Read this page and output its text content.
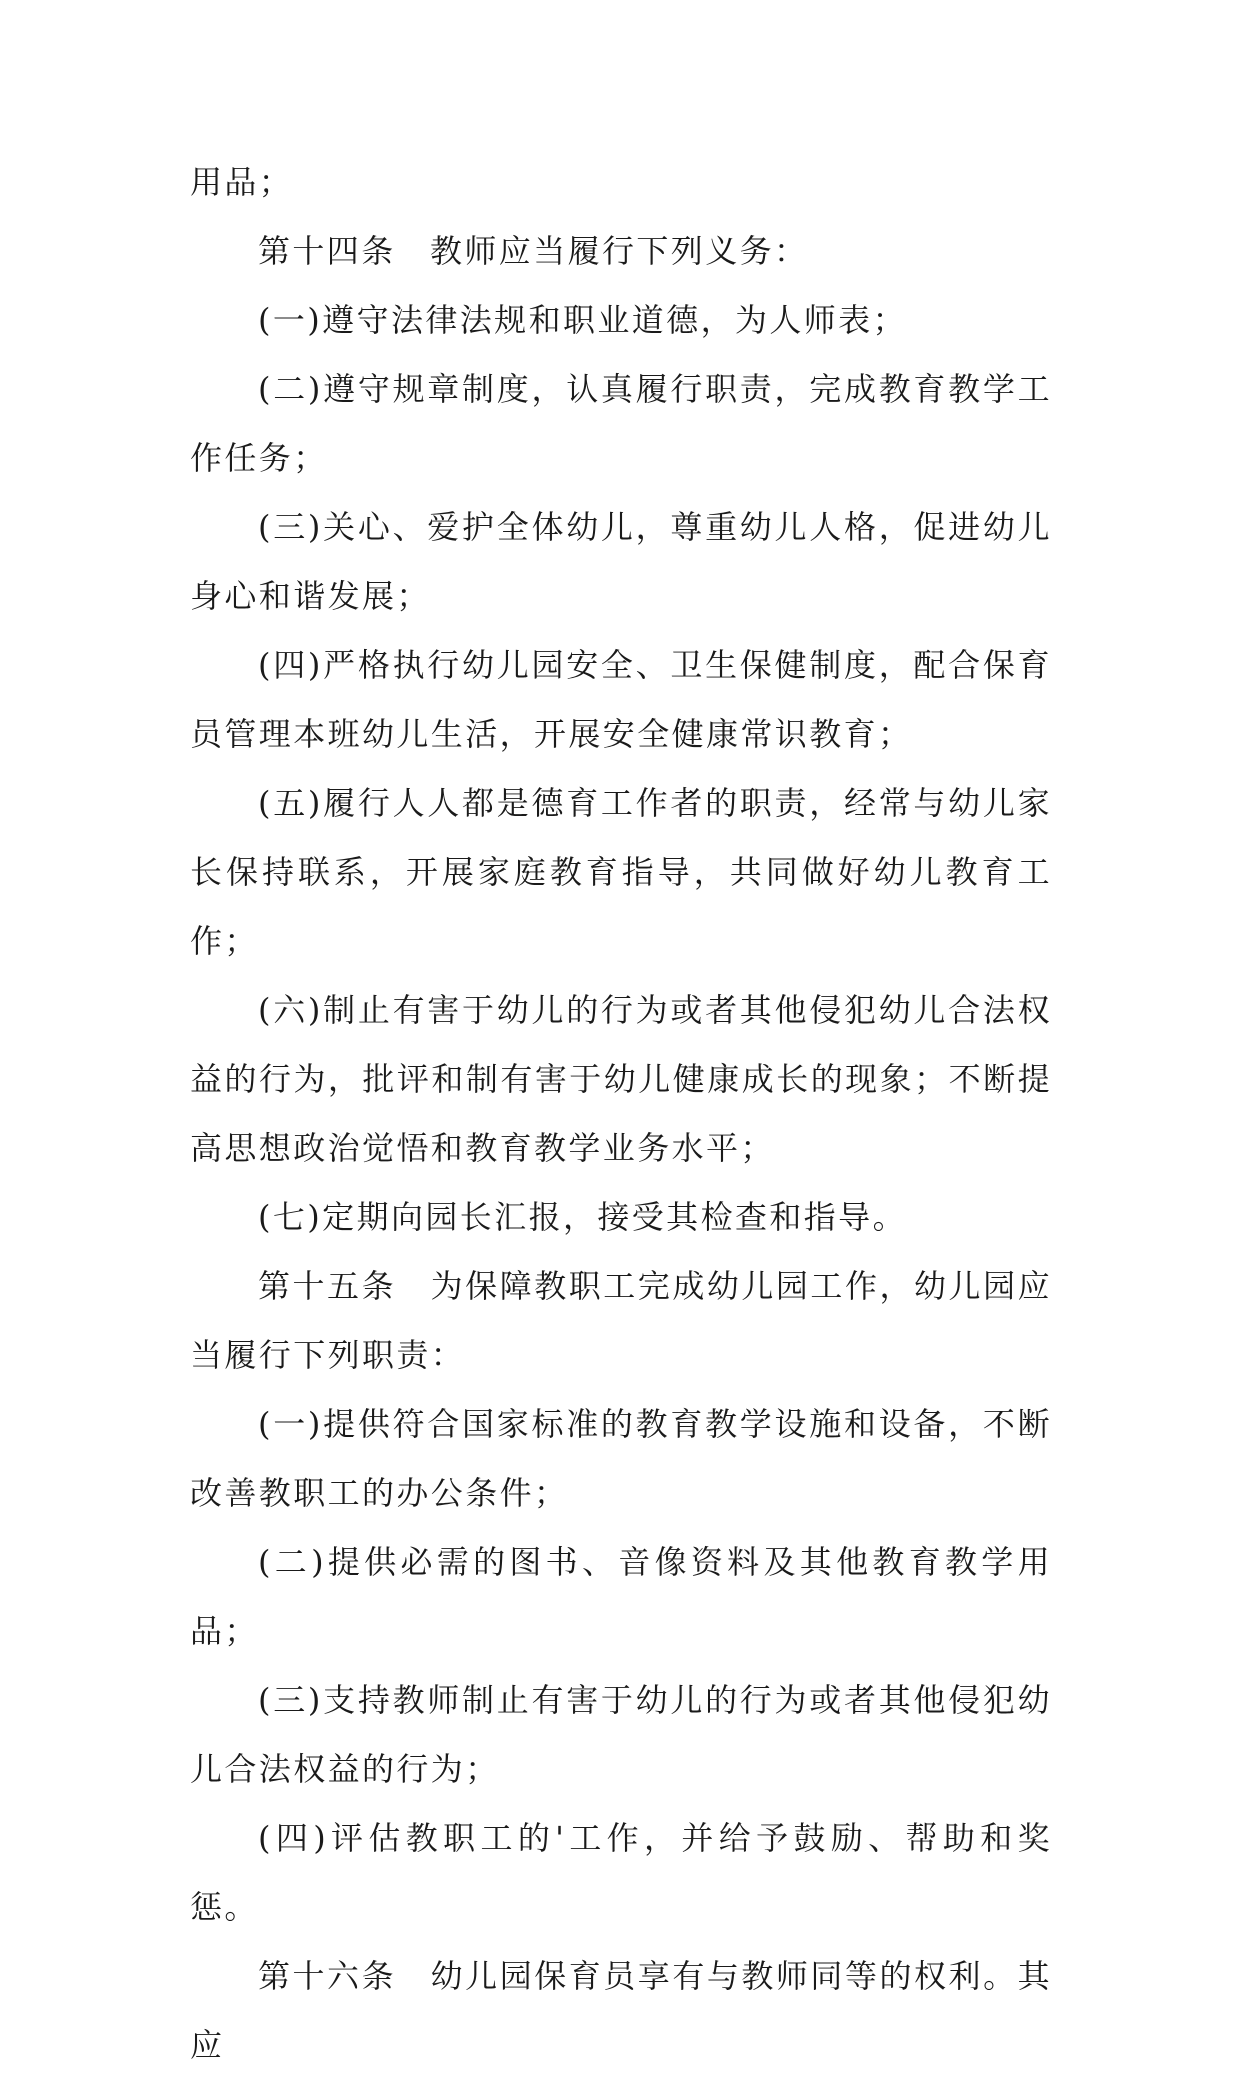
用品；

第十四条　教师应当履行下列义务：

(一)遵守法律法规和职业道德，为人师表；

(二)遵守规章制度，认真履行职责，完成教育教学工作任务；

(三)关心、爱护全体幼儿，尊重幼儿人格，促进幼儿身心和谐发展；

(四)严格执行幼儿园安全、卫生保健制度，配合保育员管理本班幼儿生活，开展安全健康常识教育；

(五)履行人人都是德育工作者的职责，经常与幼儿家长保持联系，开展家庭教育指导，共同做好幼儿教育工作；

(六)制止有害于幼儿的行为或者其他侵犯幼儿合法权益的行为，批评和制有害于幼儿健康成长的现象；不断提高思想政治觉悟和教育教学业务水平；

(七)定期向园长汇报，接受其检查和指导。

第十五条　为保障教职工完成幼儿园工作，幼儿园应当履行下列职责：

(一)提供符合国家标准的教育教学设施和设备，不断改善教职工的办公条件；

(二)提供必需的图书、音像资料及其他教育教学用品；

(三)支持教师制止有害于幼儿的行为或者其他侵犯幼儿合法权益的行为；

(四)评估教职工的'工作，并给予鼓励、帮助和奖惩。

第十六条　幼儿园保育员享有与教师同等的权利。其应
